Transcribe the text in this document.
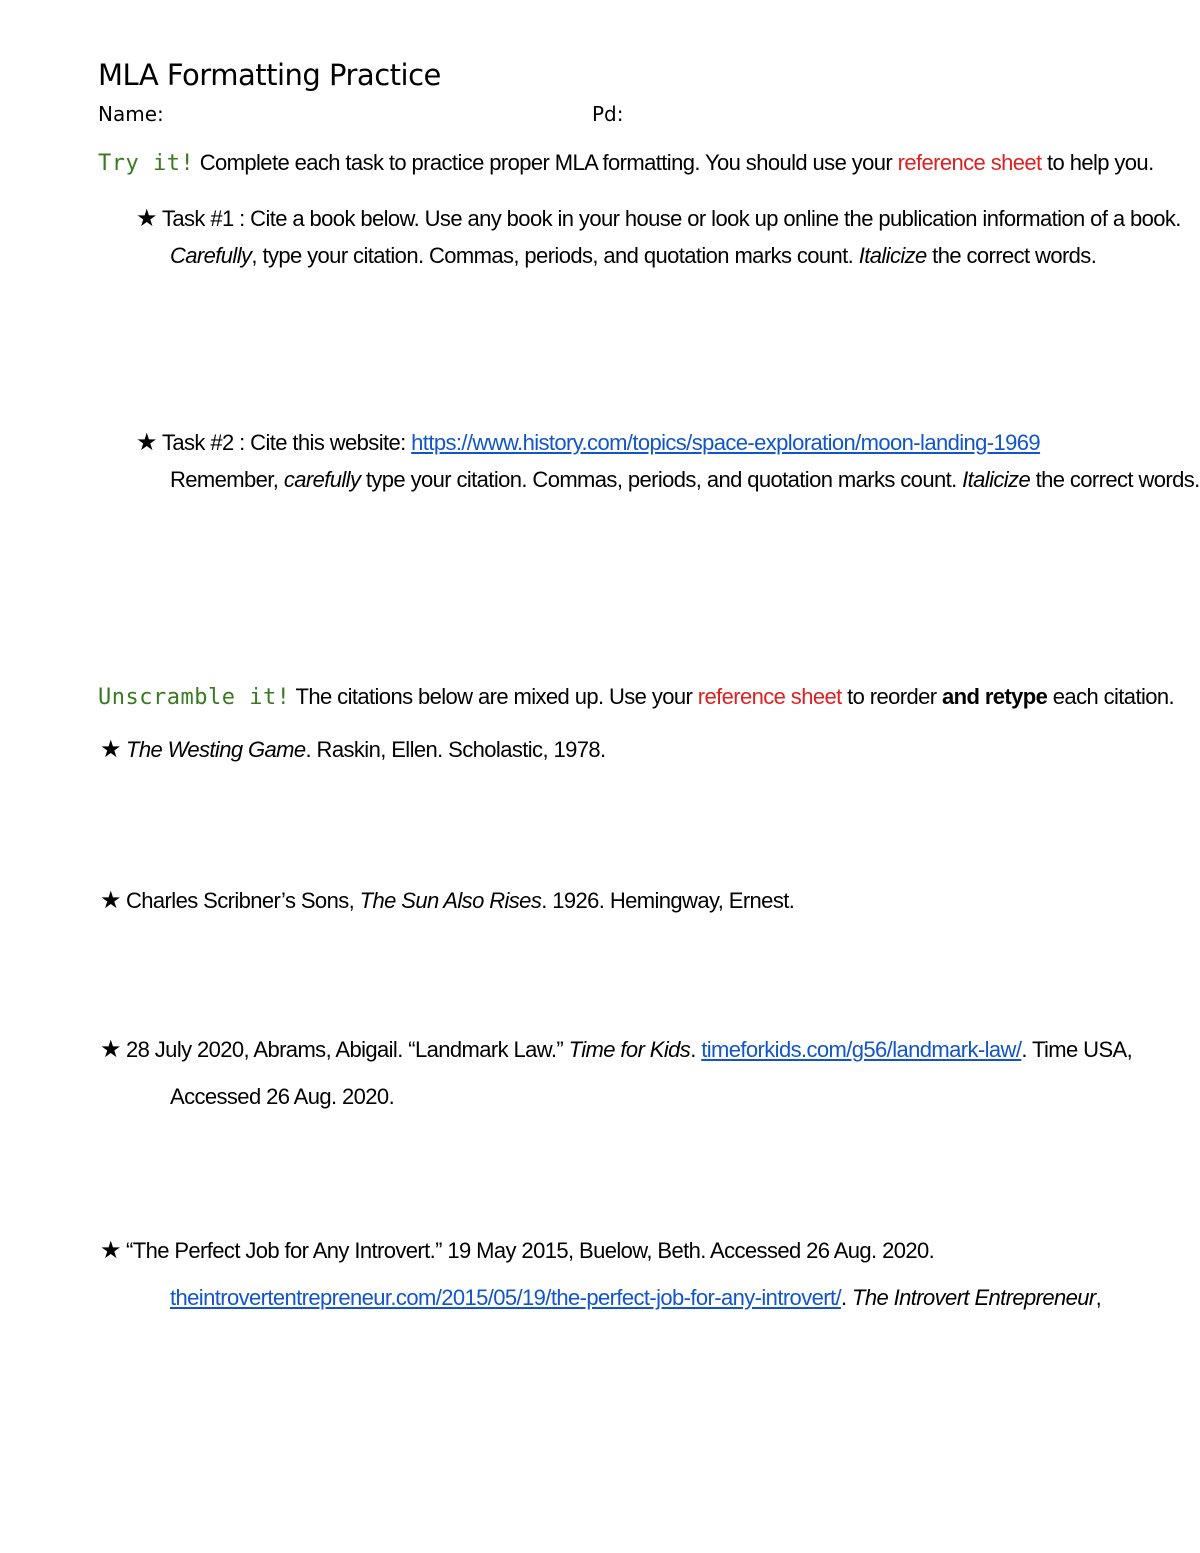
MLA Formatting Practice
Name:	Pd:
Try it! Complete each task to practice proper MLA formatting. You should use your reference sheet to help you.
★ Task #1 : Cite a book below. Use any book in your house or look up online the publication information of a book.
Carefully, type your citation. Commas, periods, and quotation marks count. Italicize the correct words.
★ Task #2 : Cite this website: https://www.history.com/topics/space-exploration/moon-landing-1969
Remember, carefully type your citation. Commas, periods, and quotation marks count. Italicize the correct words.
Unscramble it! The citations below are mixed up. Use your reference sheet to reorder and retype each citation.
★ The Westing Game. Raskin, Ellen. Scholastic, 1978.
★ Charles Scribner’s Sons, The Sun Also Rises. 1926. Hemingway, Ernest.
★ 28 July 2020, Abrams, Abigail. “Landmark Law.” Time for Kids. timeforkids.com/g56/landmark-law/. Time USA,
Accessed 26 Aug. 2020.
★ “The Perfect Job for Any Introvert.” 19 May 2015, Buelow, Beth. Accessed 26 Aug. 2020.
theintrovertentrepreneur.com/2015/05/19/the-perfect-job-for-any-introvert/. The Introvert Entrepreneur,
